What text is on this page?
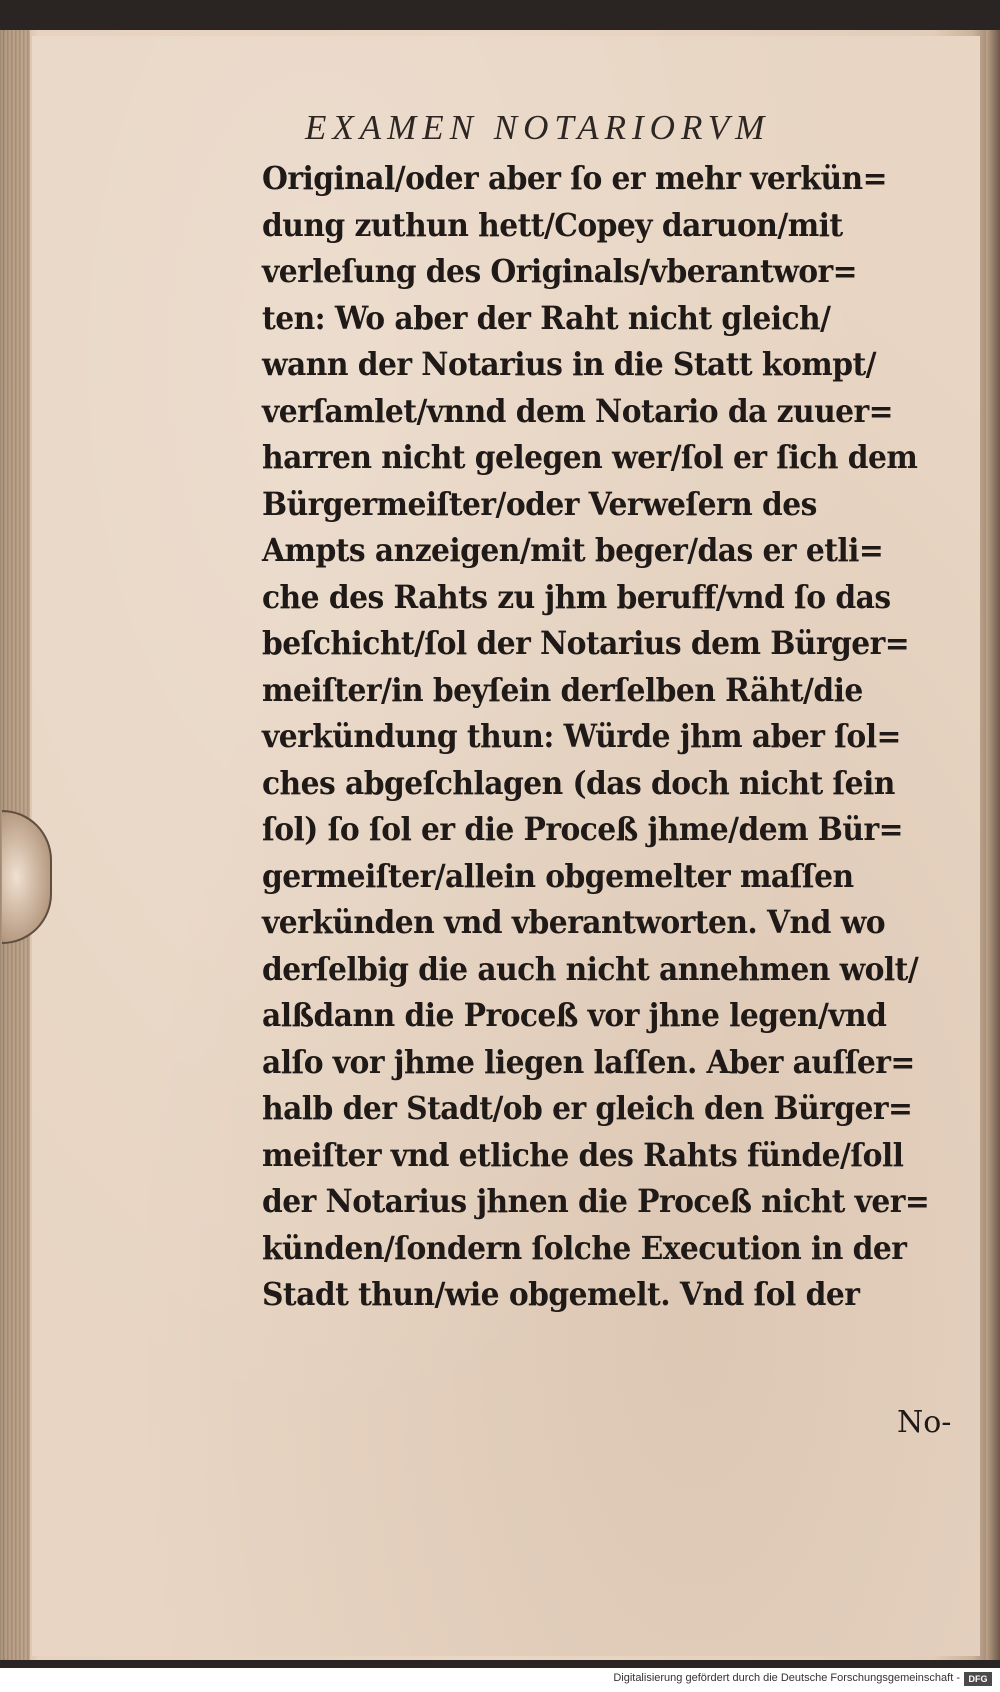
EXAMEN NOTARIORVM
Original/oder aber ſo er mehr verkün=
dung zuthun hett/Copey daruon/mit
verleſung des Originals/vberantwor=
ten: Wo aber der Raht nicht gleich/
wann der Notarius in die Statt kompt/
verſamlet/vnnd dem Notario da zuuer=
harren nicht gelegen wer/ſol er ſich dem
Bürgermeiſter/oder Verweſern des
Ampts anzeigen/mit beger/das er etli=
che des Rahts zu jhm beruff/vnd ſo das
beſchicht/ſol der Notarius dem Bürger=
meiſter/in beyſein derſelben Räht/die
verkündung thun: Würde jhm aber ſol=
ches abgeſchlagen (das doch nicht ſein
ſol) ſo ſol er die Proceß jhme/dem Bür=
germeiſter/allein obgemelter maſſen
verkünden vnd vberantworten. Vnd wo
derſelbig die auch nicht annehmen wolt/
alßdann die Proceß vor jhne legen/vnd
alſo vor jhme liegen laſſen. Aber auſſer=
halb der Stadt/ob er gleich den Bürger=
meiſter vnd etliche des Rahts fünde/ſoll
der Notarius jhnen die Proceß nicht ver=
künden/ſondern ſolche Execution in der
Stadt thun/wie obgemelt. Vnd ſol der
No-
Digitalisierung gefördert durch die Deutsche Forschungsgemeinschaft - DFG
